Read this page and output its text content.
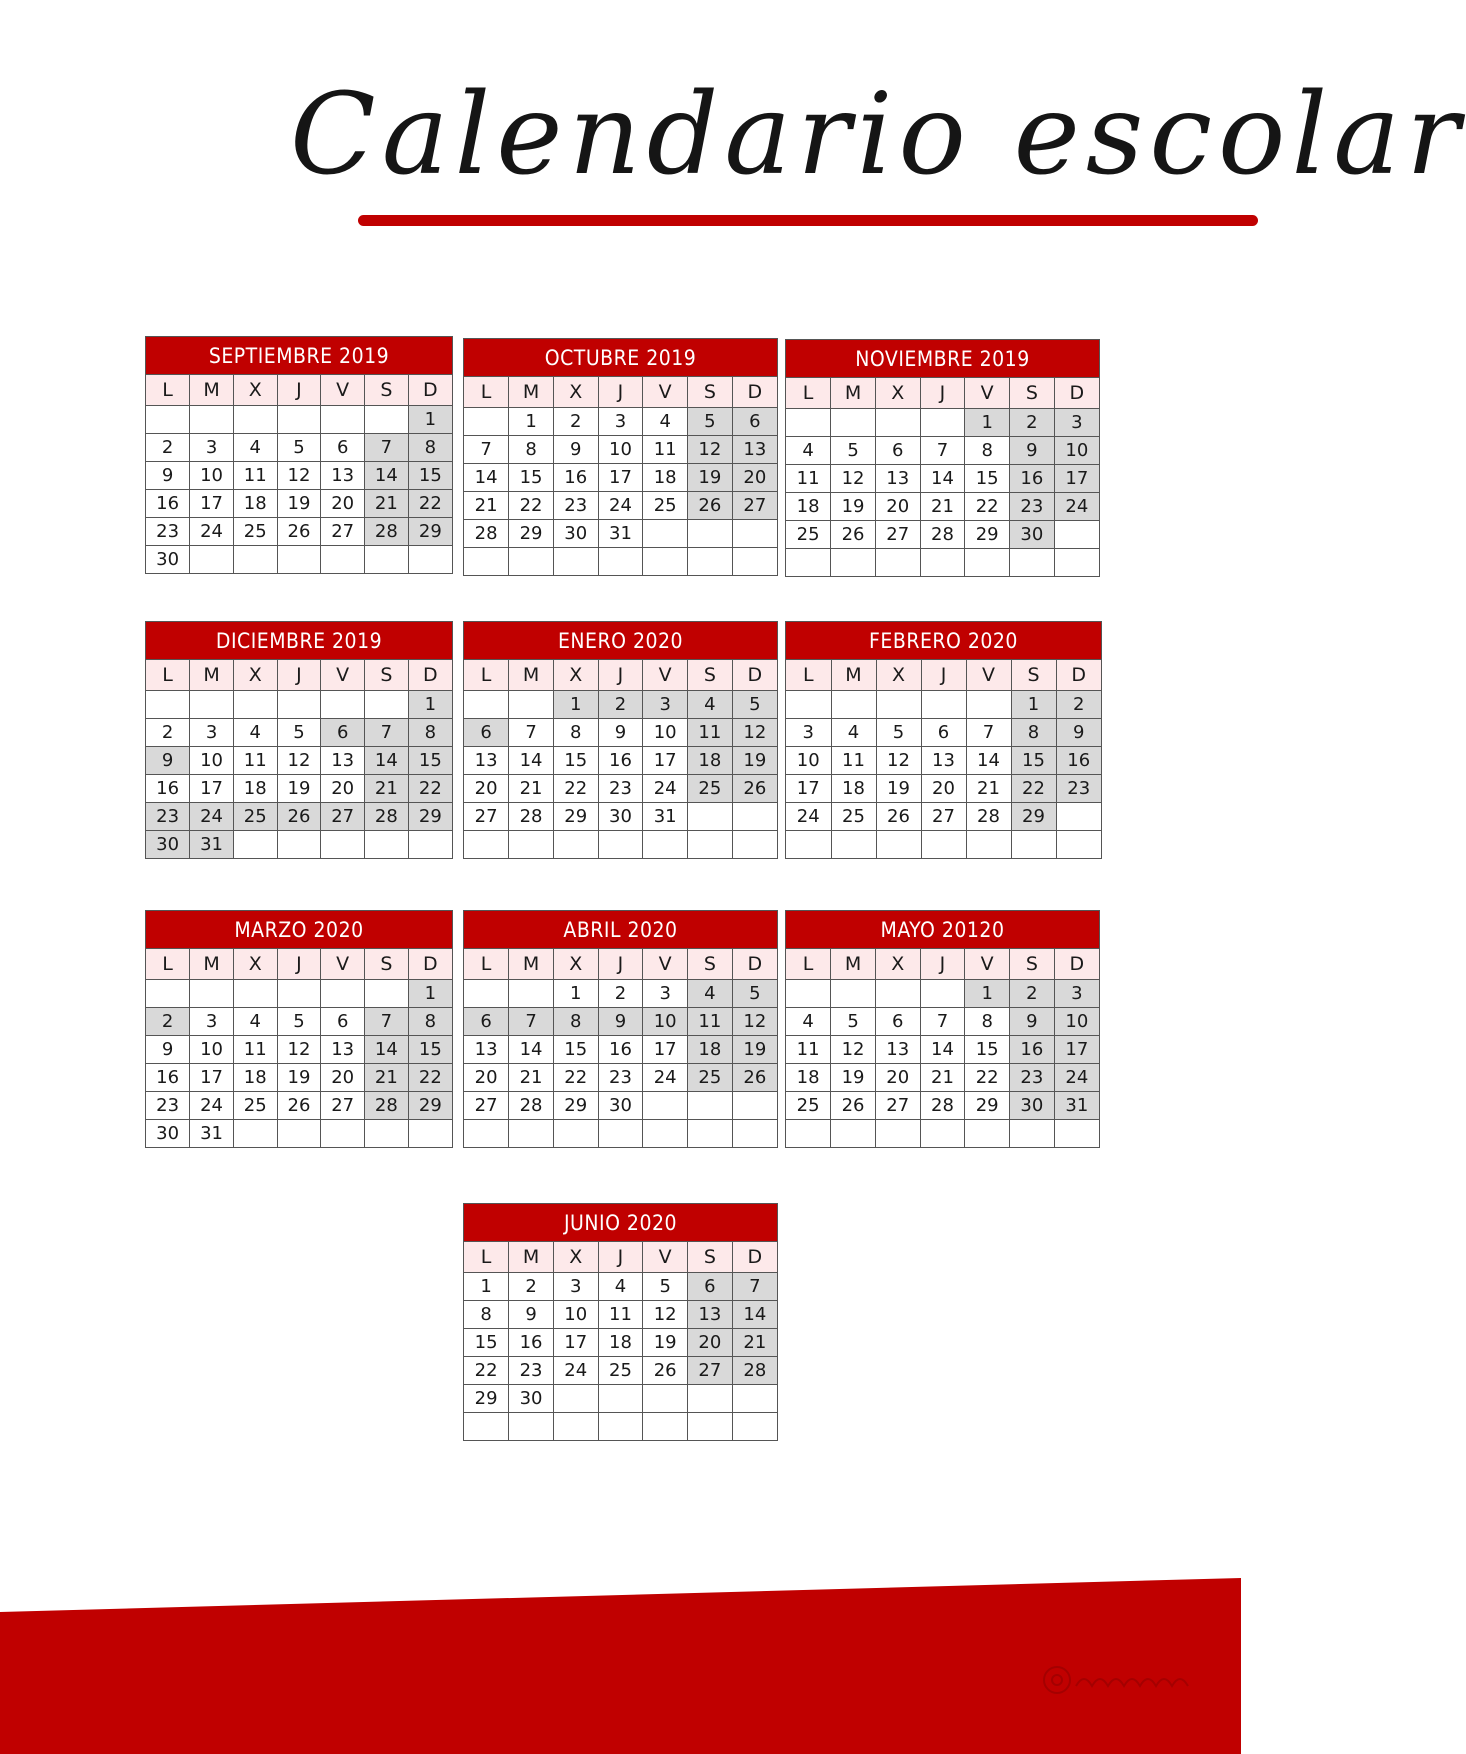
Calendario escolar
SEPTIEMBRE 2019
L	M	X	J	V	S	D
						1
2	3	4	5	6	7	8
9	10	11	12	13	14	15
16	17	18	19	20	21	22
23	24	25	26	27	28	29
30						
OCTUBRE 2019
L	M	X	J	V	S	D
	1	2	3	4	5	6
7	8	9	10	11	12	13
14	15	16	17	18	19	20
21	22	23	24	25	26	27
28	29	30	31			

NOVIEMBRE 2019
L	M	X	J	V	S	D
				1	2	3
4	5	6	7	8	9	10
11	12	13	14	15	16	17
18	19	20	21	22	23	24
25	26	27	28	29	30	

DICIEMBRE 2019
L	M	X	J	V	S	D
						1
2	3	4	5	6	7	8
9	10	11	12	13	14	15
16	17	18	19	20	21	22
23	24	25	26	27	28	29
30	31					
ENERO 2020
L	M	X	J	V	S	D
		1	2	3	4	5
6	7	8	9	10	11	12
13	14	15	16	17	18	19
20	21	22	23	24	25	26
27	28	29	30	31		

FEBRERO 2020
L	M	X	J	V	S	D
					1	2
3	4	5	6	7	8	9
10	11	12	13	14	15	16
17	18	19	20	21	22	23
24	25	26	27	28	29	

MARZO 2020
L	M	X	J	V	S	D
						1
2	3	4	5	6	7	8
9	10	11	12	13	14	15
16	17	18	19	20	21	22
23	24	25	26	27	28	29
30	31					
ABRIL 2020
L	M	X	J	V	S	D
		1	2	3	4	5
6	7	8	9	10	11	12
13	14	15	16	17	18	19
20	21	22	23	24	25	26
27	28	29	30			

MAYO 20120
L	M	X	J	V	S	D
				1	2	3
4	5	6	7	8	9	10
11	12	13	14	15	16	17
18	19	20	21	22	23	24
25	26	27	28	29	30	31

JUNIO 2020
L	M	X	J	V	S	D
1	2	3	4	5	6	7
8	9	10	11	12	13	14
15	16	17	18	19	20	21
22	23	24	25	26	27	28
29	30					
